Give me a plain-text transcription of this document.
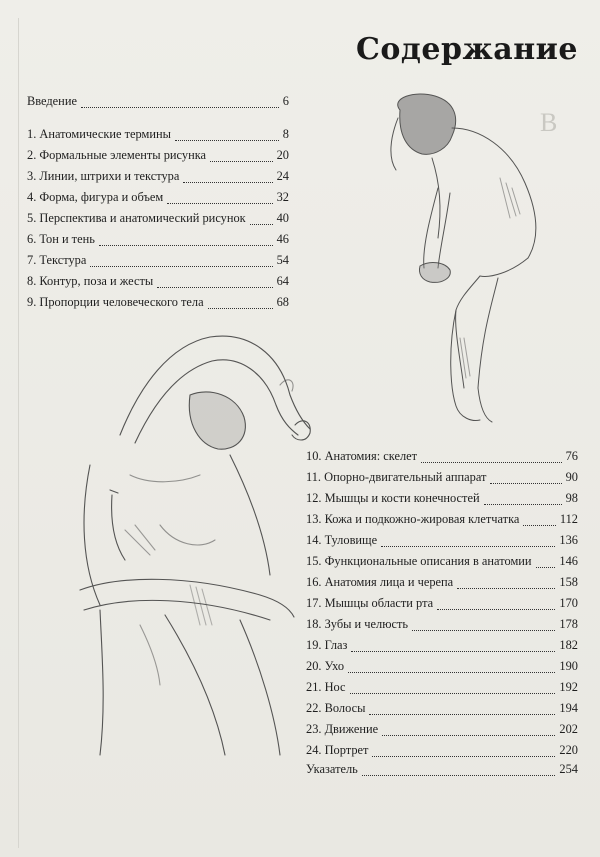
В
Содержание
Введение	6
1. Анатомические термины	8
2. Формальные элементы рисунка	20
3. Линии, штрихи и текстура	24
4. Форма, фигура и объем	32
5. Перспектива и анатомический рисунок 40
6. Тон и тень	46
7. Текстура	54
8. Контур, поза и жесты	64
9. Пропорции человеческого тела	68
10. Анатомия: скелет	76
11. Опорно-двигательный аппарат	90
12. Мышцы и кости конечностей	98
13. Кожа и подкожно-жировая клетчатка	112
14. Туловище	136
15. Функциональные описания в анатомии 146
16. Анатомия лица и черепа	158
17. Мышцы области рта	170
18. Зубы и челюсть	178
19. Глаз	182
20. Ухо	190
21. Нос	192
22. Волосы	194
23. Движение	202
24. Портрет	220
Указатель	254
